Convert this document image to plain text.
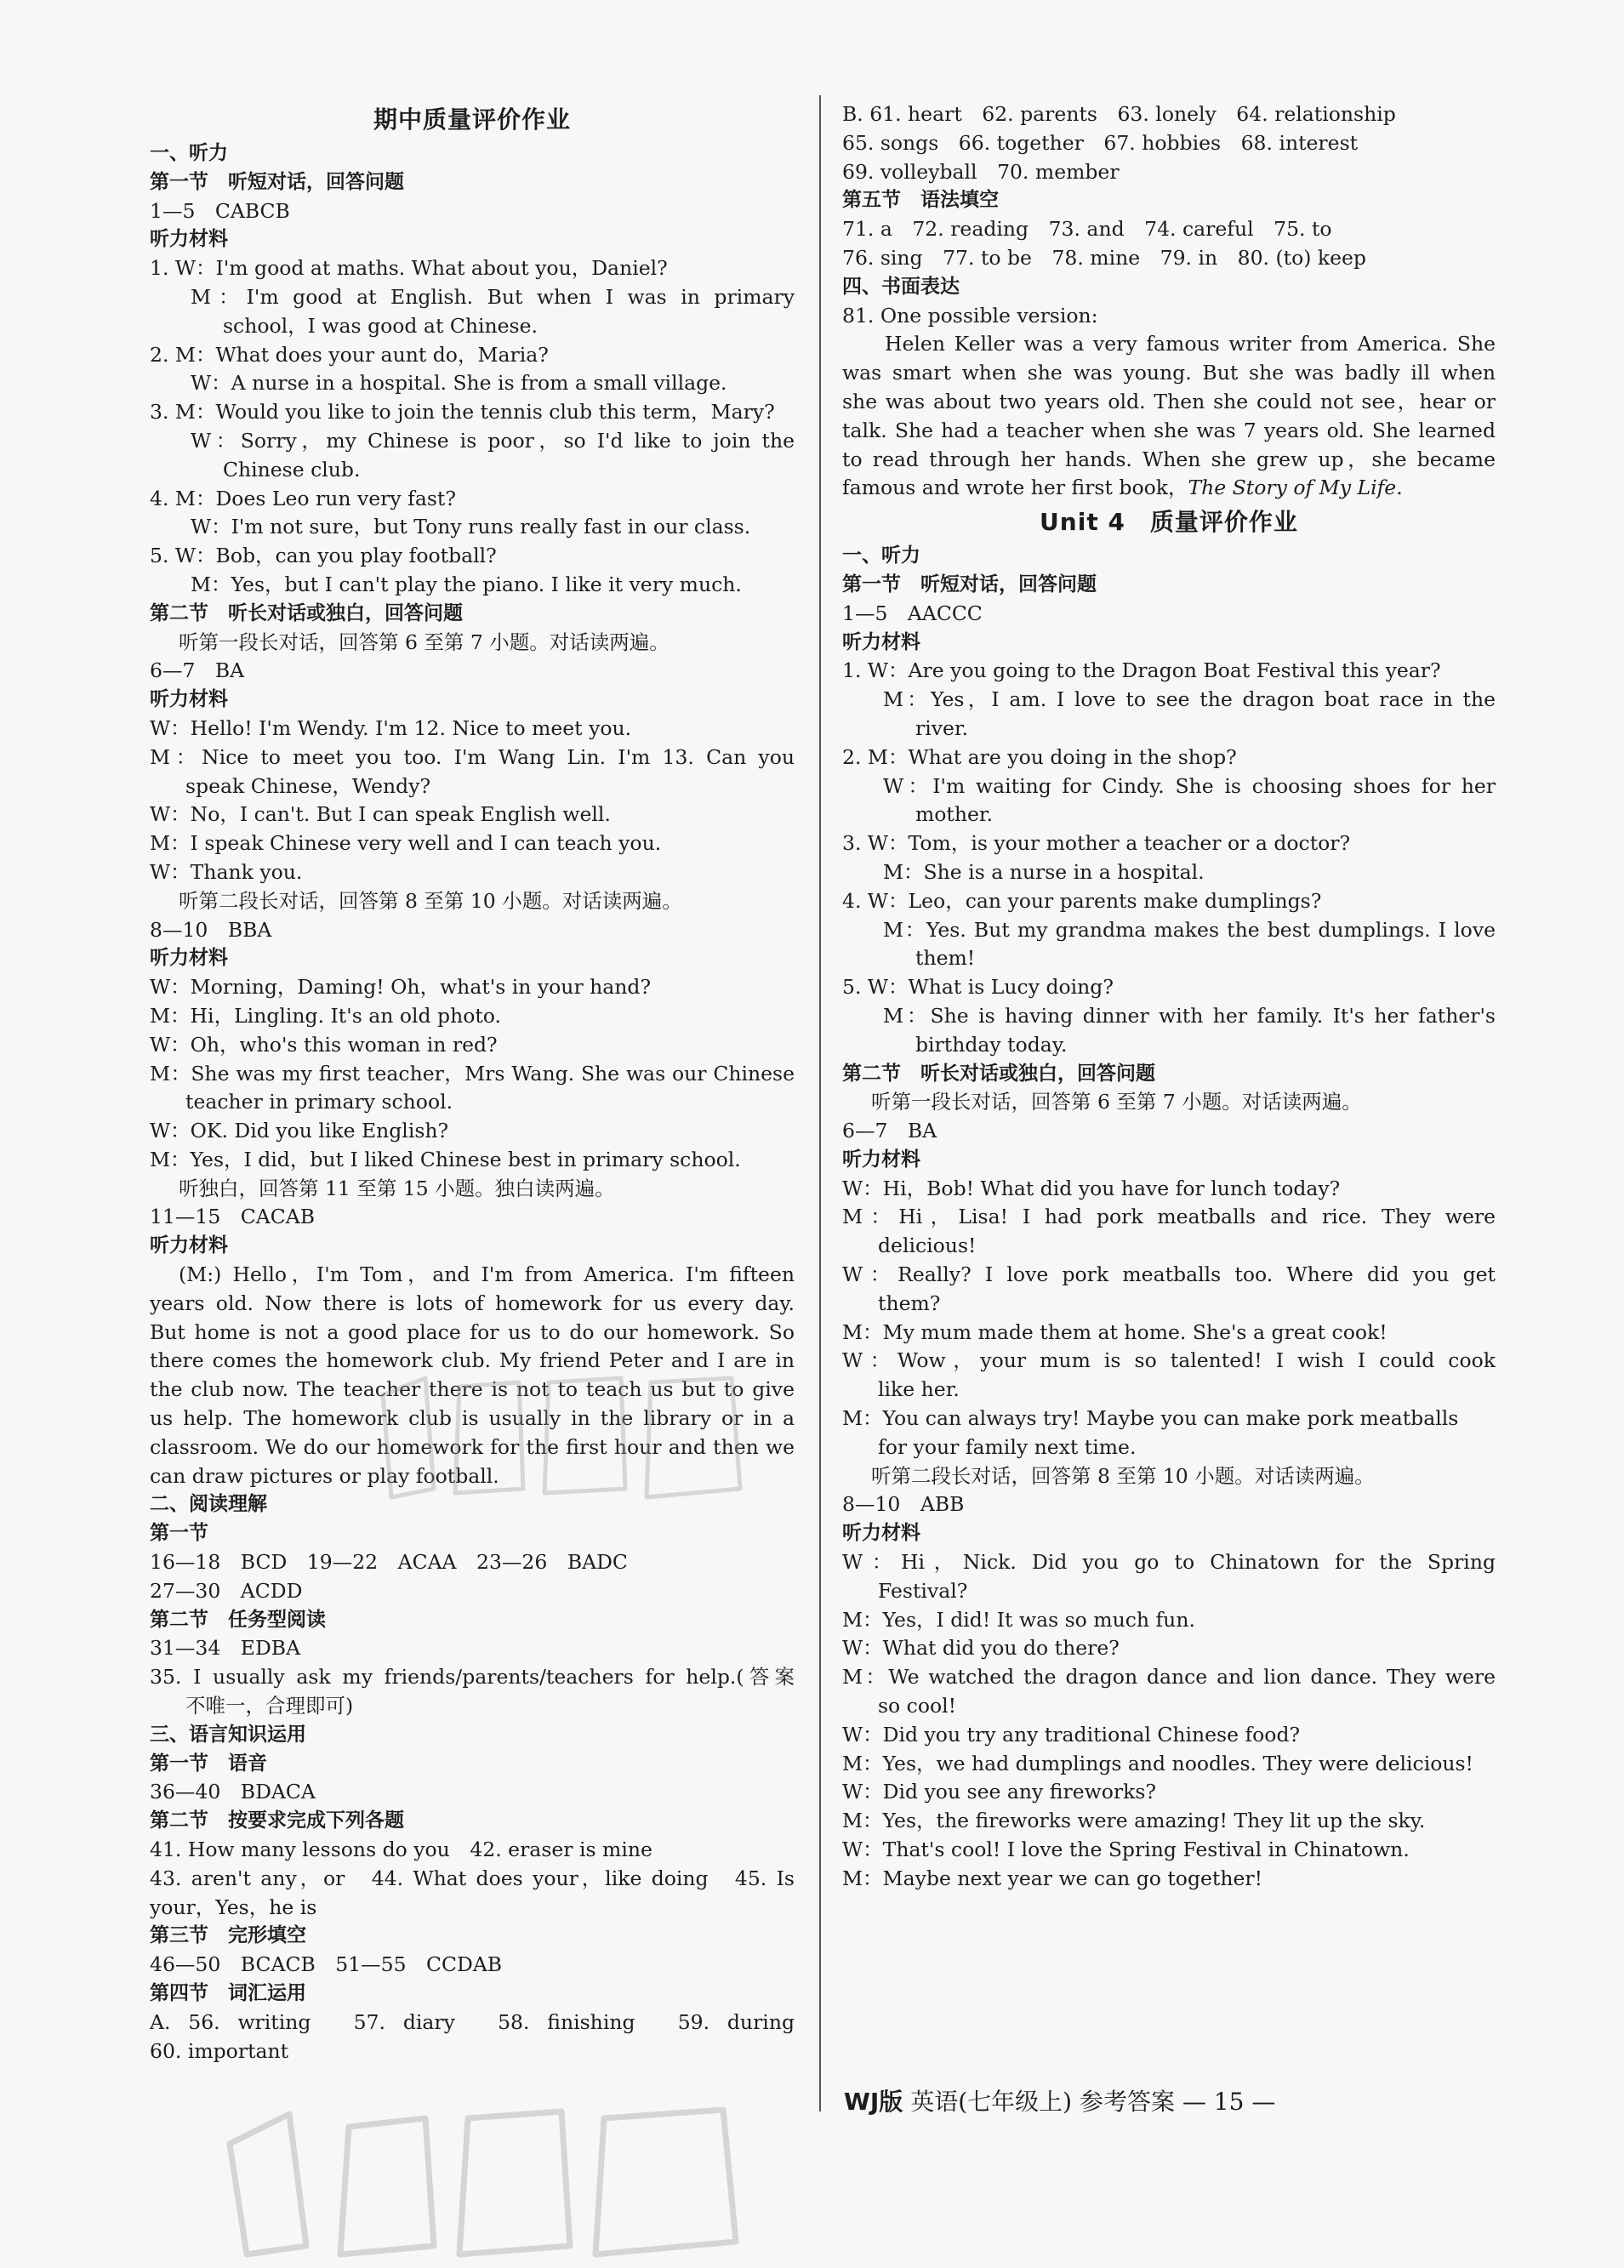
期中质量评价作业
一、听力
第一节　听短对话，回答问题
1—5　CABCB
听力材料
1. W：I'm good at maths. What about you，Daniel?
M：I'm good at English. But when I was in primary
school，I was good at Chinese.
2. M：What does your aunt do，Maria?
W：A nurse in a hospital. She is from a small village.
3. M：Would you like to join the tennis club this term，Mary?
W：Sorry，my Chinese is poor，so I'd like to join the
Chinese club.
4. M：Does Leo run very fast?
W：I'm not sure，but Tony runs really fast in our class.
5. W：Bob，can you play football?
M：Yes，but I can't play the piano. I like it very much.
第二节　听长对话或独白，回答问题
听第一段长对话，回答第 6 至第 7 小题。对话读两遍。
6—7　BA
听力材料
W：Hello! I'm Wendy. I'm 12. Nice to meet you.
M：Nice to meet you too. I'm Wang Lin. I'm 13. Can you
speak Chinese，Wendy?
W：No，I can't. But I can speak English well.
M：I speak Chinese very well and I can teach you.
W：Thank you.
听第二段长对话，回答第 8 至第 10 小题。对话读两遍。
8—10　BBA
听力材料
W：Morning，Daming! Oh，what's in your hand?
M：Hi，Lingling. It's an old photo.
W：Oh，who's this woman in red?
M：She was my first teacher，Mrs Wang. She was our Chinese
teacher in primary school.
W：OK. Did you like English?
M：Yes，I did，but I liked Chinese best in primary school.
听独白，回答第 11 至第 15 小题。独白读两遍。
11—15　CACAB
听力材料
(M:) Hello，I'm Tom，and I'm from America. I'm fifteen
years old. Now there is lots of homework for us every day.
But home is not a good place for us to do our homework. So
there comes the homework club. My friend Peter and I are in
the club now. The teacher there is not to teach us but to give
us help. The homework club is usually in the library or in a
classroom. We do our homework for the first hour and then we
can draw pictures or play football.
二、阅读理解
第一节
16—18　BCD　19—22　ACAA　23—26　BADC
27—30　ACDD
第二节　任务型阅读
31—34　EDBA
35. I usually ask my friends/parents/teachers for help.(答案
不唯一，合理即可)
三、语言知识运用
第一节　语音
36—40　BDACA
第二节　按要求完成下列各题
41. How many lessons do you　42. eraser is mine
43. aren't any，or　44. What does your，like doing　45. Is
your，Yes，he is
第三节　完形填空
46—50　BCACB　51—55　CCDAB
第四节　词汇运用
A. 56. writing　57. diary　58. finishing　59. during
60. important
B. 61. heart　62. parents　63. lonely　64. relationship
65. songs　66. together　67. hobbies　68. interest
69. volleyball　70. member
第五节　语法填空
71. a　72. reading　73. and　74. careful　75. to
76. sing　77. to be　78. mine　79. in　80. (to) keep
四、书面表达
81. One possible version:
Helen Keller was a very famous writer from America. She
was smart when she was young. But she was badly ill when
she was about two years old. Then she could not see，hear or
talk. She had a teacher when she was 7 years old. She learned
to read through her hands. When she grew up，she became
famous and wrote her first book，The Story of My Life.
Unit 4　质量评价作业
一、听力
第一节　听短对话，回答问题
1—5　AACCC
听力材料
1. W：Are you going to the Dragon Boat Festival this year?
M：Yes，I am. I love to see the dragon boat race in the
river.
2. M：What are you doing in the shop?
W：I'm waiting for Cindy. She is choosing shoes for her
mother.
3. W：Tom，is your mother a teacher or a doctor?
M：She is a nurse in a hospital.
4. W：Leo，can your parents make dumplings?
M：Yes. But my grandma makes the best dumplings. I love
them!
5. W：What is Lucy doing?
M：She is having dinner with her family. It's her father's
birthday today.
第二节　听长对话或独白，回答问题
听第一段长对话，回答第 6 至第 7 小题。对话读两遍。
6—7　BA
听力材料
W：Hi，Bob! What did you have for lunch today?
M：Hi，Lisa! I had pork meatballs and rice. They were
delicious!
W：Really? I love pork meatballs too. Where did you get
them?
M：My mum made them at home. She's a great cook!
W：Wow，your mum is so talented! I wish I could cook
like her.
M：You can always try! Maybe you can make pork meatballs
for your family next time.
听第二段长对话，回答第 8 至第 10 小题。对话读两遍。
8—10　ABB
听力材料
W：Hi，Nick. Did you go to Chinatown for the Spring
Festival?
M：Yes，I did! It was so much fun.
W：What did you do there?
M：We watched the dragon dance and lion dance. They were
so cool!
W：Did you try any traditional Chinese food?
M：Yes，we had dumplings and noodles. They were delicious!
W：Did you see any fireworks?
M：Yes，the fireworks were amazing! They lit up the sky.
W：That's cool! I love the Spring Festival in Chinatown.
M：Maybe next year we can go together!
WJ版 英语(七年级上) 参考答案 — 15 —
